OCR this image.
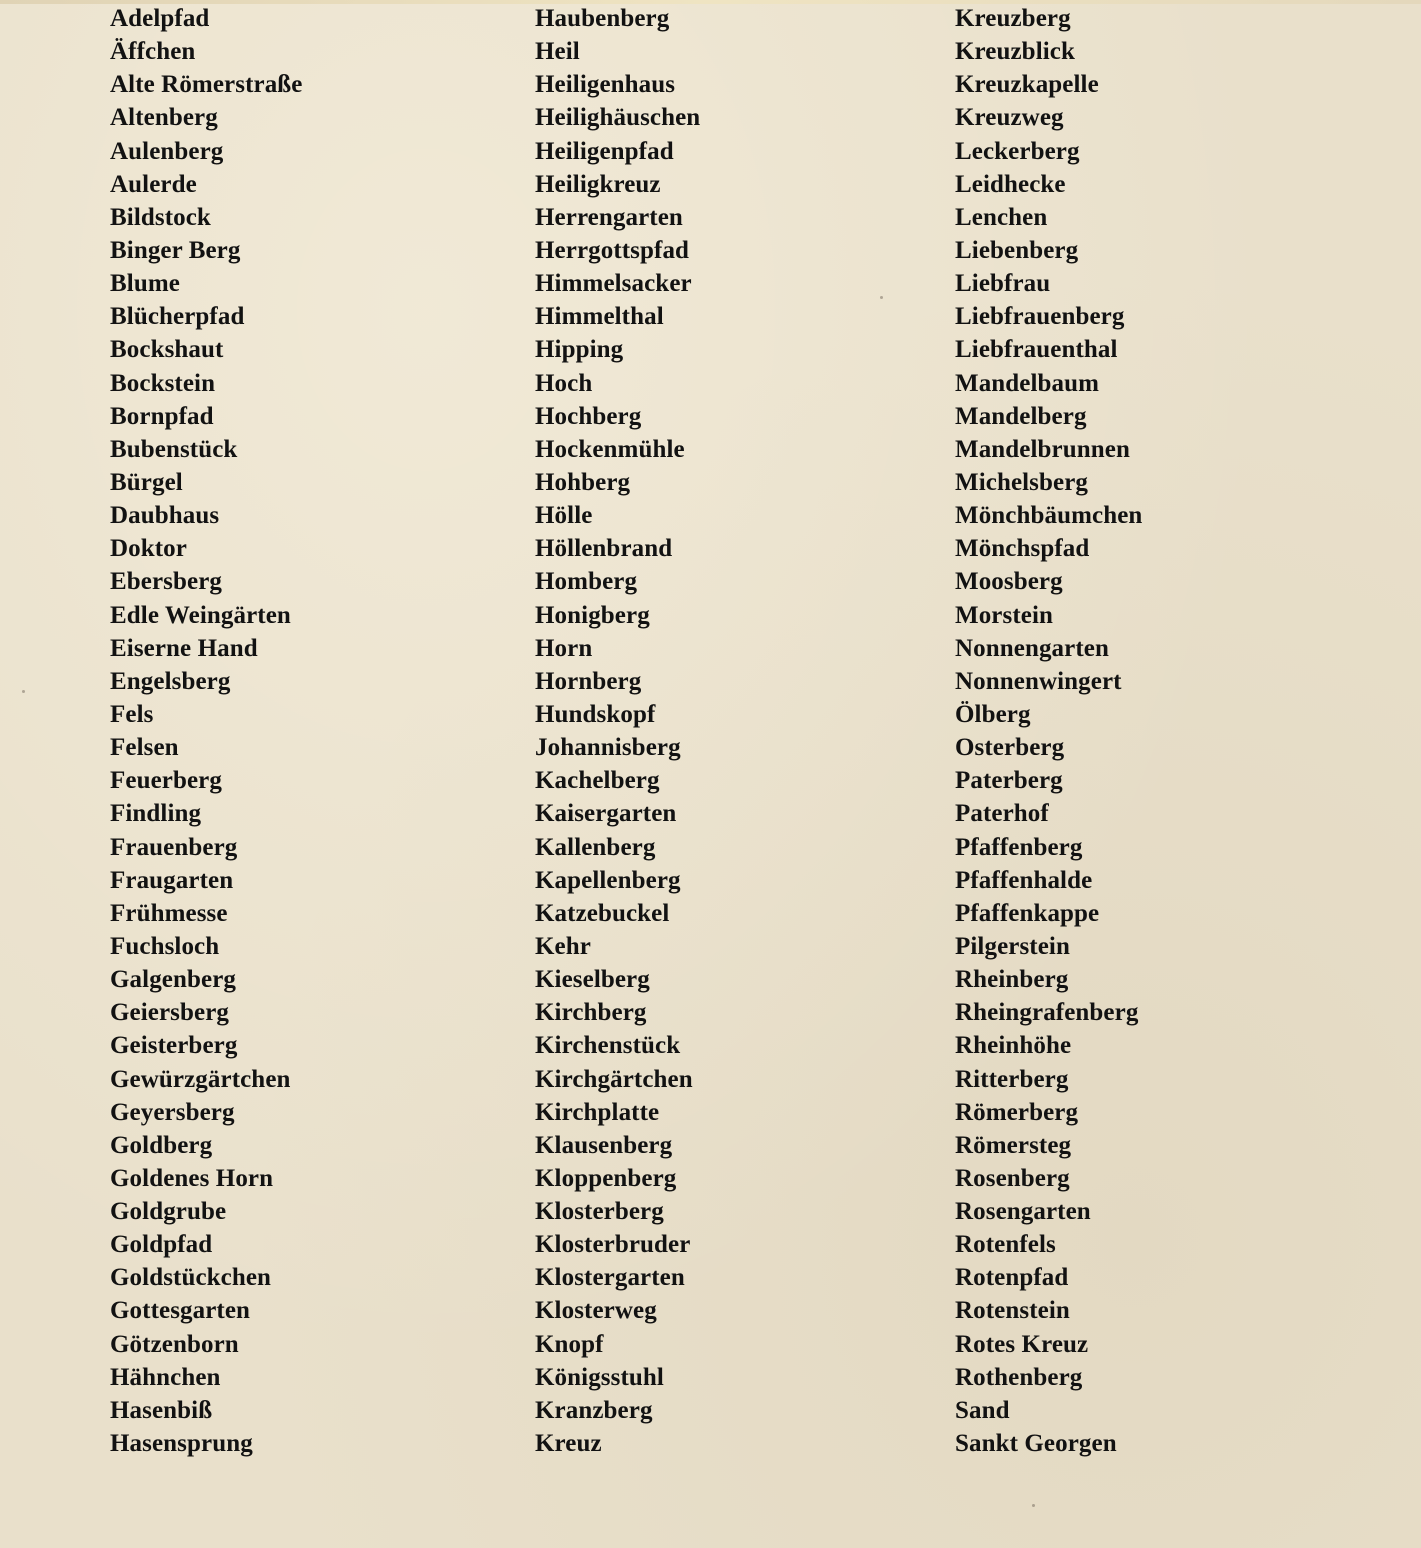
Adelpfad
Äffchen
Alte Römerstraße
Altenberg
Aulenberg
Aulerde
Bildstock
Binger Berg
Blume
Blücherpfad
Bockshaut
Bockstein
Bornpfad
Bubenstück
Bürgel
Daubhaus
Doktor
Ebersberg
Edle Weingärten
Eiserne Hand
Engelsberg
Fels
Felsen
Feuerberg
Findling
Frauenberg
Fraugarten
Frühmesse
Fuchsloch
Galgenberg
Geiersberg
Geisterberg
Gewürzgärtchen
Geyersberg
Goldberg
Goldenes Horn
Goldgrube
Goldpfad
Goldstückchen
Gottesgarten
Götzenborn
Hähnchen
Hasenbiß
Hasensprung
Haubenberg
Heil
Heiligenhaus
Heilighäuschen
Heiligenpfad
Heiligkreuz
Herrengarten
Herrgottspfad
Himmelsacker
Himmelthal
Hipping
Hoch
Hochberg
Hockenmühle
Hohberg
Hölle
Höllenbrand
Homberg
Honigberg
Horn
Hornberg
Hundskopf
Johannisberg
Kachelberg
Kaisergarten
Kallenberg
Kapellenberg
Katzebuckel
Kehr
Kieselberg
Kirchberg
Kirchenstück
Kirchgärtchen
Kirchplatte
Klausenberg
Kloppenberg
Klosterberg
Klosterbruder
Klostergarten
Klosterweg
Knopf
Königsstuhl
Kranzberg
Kreuz
Kreuzberg
Kreuzblick
Kreuzkapelle
Kreuzweg
Leckerberg
Leidhecke
Lenchen
Liebenberg
Liebfrau
Liebfrauenberg
Liebfrauenthal
Mandelbaum
Mandelberg
Mandelbrunnen
Michelsberg
Mönchbäumchen
Mönchspfad
Moosberg
Morstein
Nonnengarten
Nonnenwingert
Ölberg
Osterberg
Paterberg
Paterhof
Pfaffenberg
Pfaffenhalde
Pfaffenkappe
Pilgerstein
Rheinberg
Rheingrafenberg
Rheinhöhe
Ritterberg
Römerberg
Römersteg
Rosenberg
Rosengarten
Rotenfels
Rotenpfad
Rotenstein
Rotes Kreuz
Rothenberg
Sand
Sankt Georgen
